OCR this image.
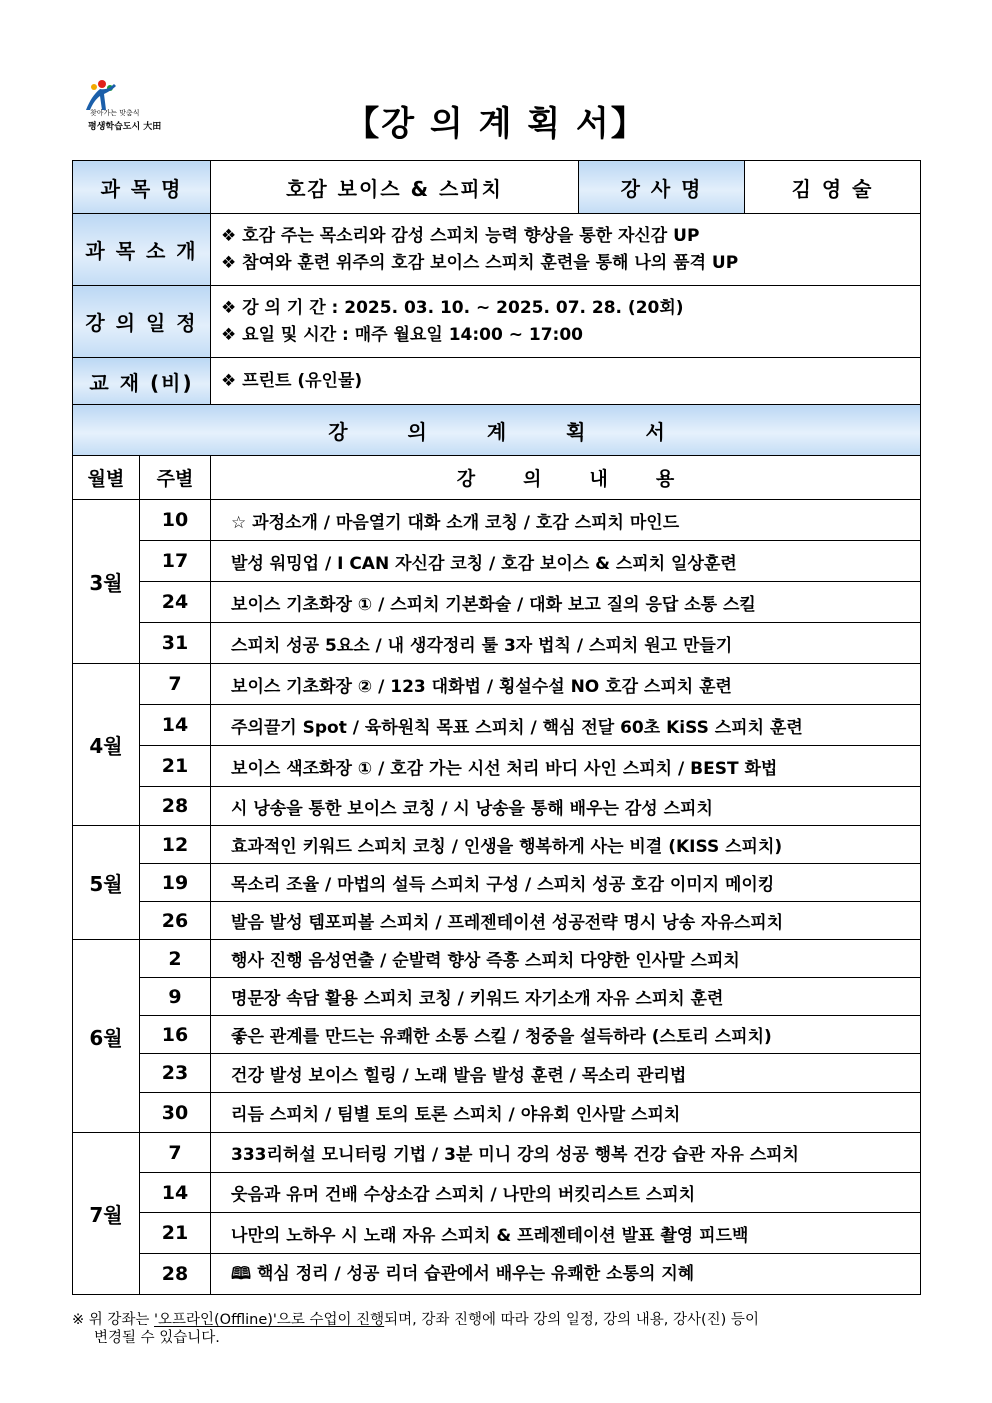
찾아가는 맞춤식
평생학습도시 大田	【강 의 계 획 서】
과 목 명		호감 보이스 & 스피치	강 사 명	김 영 술
과 목 소 개		❖ 호감 주는 목소리와 감성 스피치 능력 향상을 통한 자신감 UP
❖ 참여와 훈련 위주의 호감 보이스 스피치 훈련을 통해 나의 품격 UP		

강 의 일 정		❖ 강 의 기 간 : 2025. 03. 10. ~ 2025. 07. 28. (20회)
❖ 요일 및 시간 : 매주 월요일 14:00 ~ 17:00		

교 재 (비)		❖ 프린트 (유인물)		
강 의 계 획 서				
월별	주별	강 의 내 용		
3월	10	☆ 과정소개 / 마음열기 대화 소개 코칭 / 호감 스피치 마인드		
	17	발성 워밍업 / I CAN 자신감 코칭 / 호감 보이스 & 스피치 일상훈련		
	24	보이스 기초화장 ① / 스피치 기본화술 / 대화 보고 질의 응답 소통 스킬		
	31	스피치 성공 5요소 / 내 생각정리 툴 3자 법칙 / 스피치 원고 만들기		
4월	7	보이스 기초화장 ② / 123 대화법 / 횡설수설 NO 호감 스피치 훈련		
	14	주의끌기 Spot / 육하원칙 목표 스피치 / 핵심 전달 60초 KiSS 스피치 훈련		
	21	보이스 색조화장 ① / 호감 가는 시선 처리 바디 사인 스피치 / BEST 화법		
	28	시 낭송을 통한 보이스 코칭 / 시 낭송을 통해 배우는 감성 스피치		
5월	12	효과적인 키워드 스피치 코칭 / 인생을 행복하게 사는 비결 (KISS 스피치)		
	19	목소리 조율 / 마법의 설득 스피치 구성 / 스피치 성공 호감 이미지 메이킹		
	26	발음 발성 템포피볼 스피치 / 프레젠테이션 성공전략 명시 낭송 자유스피치		
6월	2	행사 진행 음성연출 / 순발력 향상 즉흥 스피치 다양한 인사말 스피치		
	9	명문장 속담 활용 스피치 코칭 / 키워드 자기소개 자유 스피치 훈련		
	16	좋은 관계를 만드는 유쾌한 소통 스킬 / 청중을 설득하라 (스토리 스피치)		
	23	건강 발성 보이스 힐링 / 노래 발음 발성 훈련 / 목소리 관리법		
	30	리듬 스피치 / 팀별 토의 토론 스피치 / 야유회 인사말 스피치		
7월	7	333리허설 모니터링 기법 / 3분 미니 강의 성공 행복 건강 습관 자유 스피치		
	14	웃음과 유머 건배 수상소감 스피치 / 나만의 버킷리스트 스피치		
	21	나만의 노하우 시 노래 자유 스피치 & 프레젠테이션 발표 촬영 피드백		
	28	🕮 핵심 정리 / 성공 리더 습관에서 배우는 유쾌한 소통의 지혜		
※ 위 강좌는 '오프라인(Offline)'으로 수업이 진행되며, 강좌 진행에 따라 강의 일정, 강의 내용, 강사(진) 등이
변경될 수 있습니다.
